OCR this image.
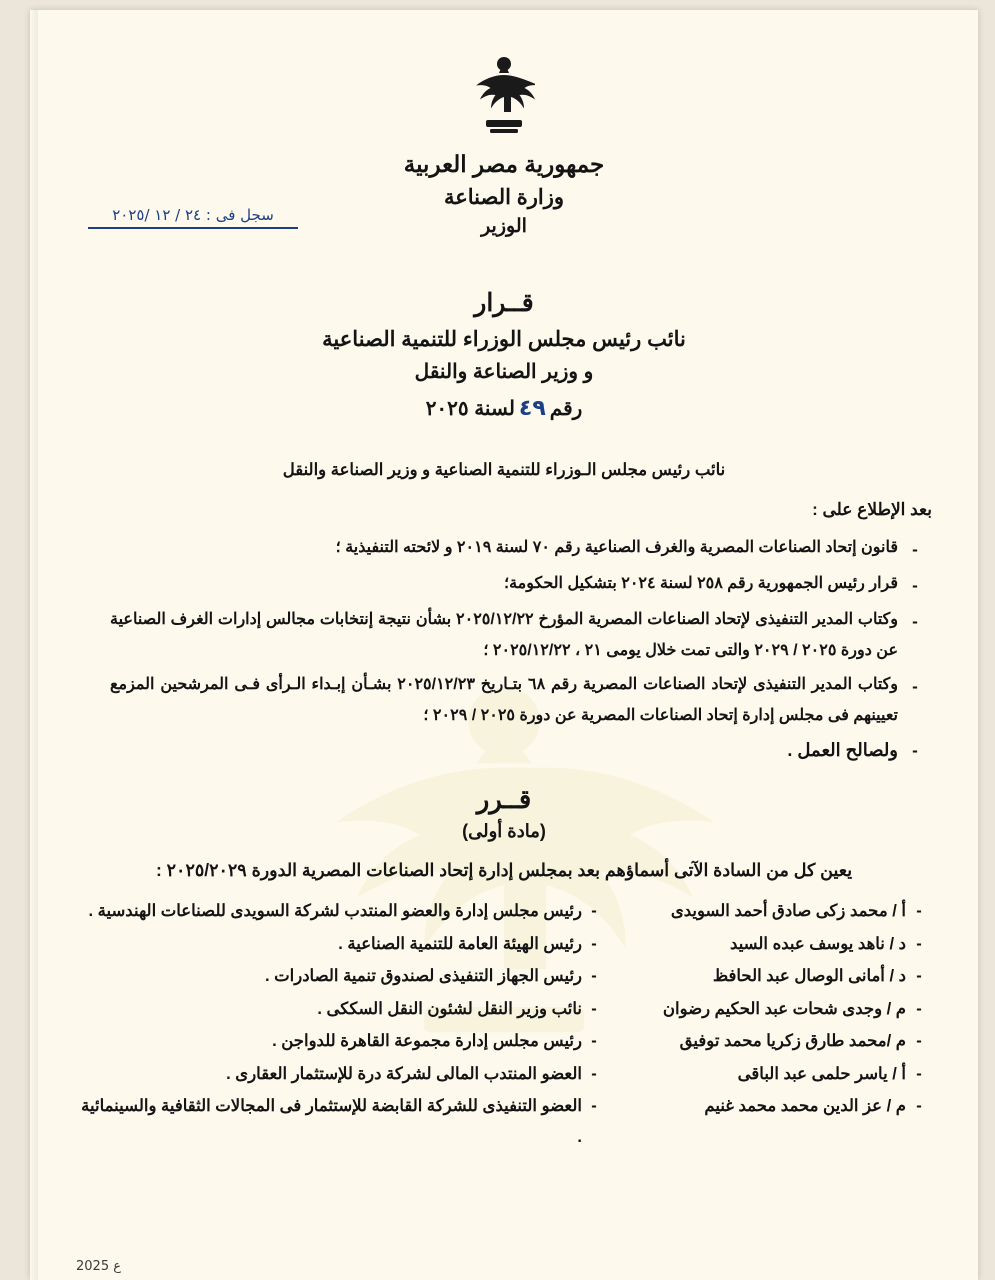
جمهورية مصر العربية
وزارة الصناعة
الوزير
قــرار
نائب رئيس مجلس الوزراء للتنمية الصناعية
و وزير الصناعة والنقل
رقم٤٩لسنة ٢٠٢٥
نائب رئيس مجلس الـوزراء للتنمية الصناعية و وزير الصناعة والنقل
بعد الإطلاع على :
-
قانون إتحاد الصناعات المصرية والغرف الصناعية رقم ٧٠ لسنة ٢٠١٩ و لائحته التنفيذية ؛
-
قرار رئيس الجمهورية رقم ٢٥٨ لسنة ٢٠٢٤ بتشكيل الحكومة؛
-
وكتاب المدير التنفيذى لإتحاد الصناعات المصرية المؤرخ ٢٠٢٥/١٢/٢٢ بشأن نتيجة إنتخابات مجالس إدارات الغرف الصناعية عن دورة ٢٠٢٥ / ٢٠٢٩ والتى تمت خلال يومى ٢١ ، ٢٠٢٥/١٢/٢٢ ؛
-
وكتاب المدير التنفيذى لإتحاد الصناعات المصرية رقم ٦٨ بتـاريخ ٢٠٢٥/١٢/٢٣ بشـأن إبـداء الـرأى فـى المرشحين المزمع تعيينهم فى مجلس إدارة إتحاد الصناعات المصرية عن دورة ٢٠٢٥ / ٢٠٢٩ ؛
-
ولصالح العمل .
قــرر
(مادة أولى)
يعين كل من السادة الآتى أسماؤهم بعد بمجلس إدارة إتحاد الصناعات المصرية الدورة ٢٠٢٥/٢٠٢٩ :
-	أ / محمد زكى صادق أحمد السويدى	-	رئيس مجلس إدارة والعضو المنتدب لشركة السويدى للصناعات الهندسية .
-	د / ناهد يوسف عبده السيد	-	رئيس الهيئة العامة للتنمية الصناعية .
-	د / أمانى الوصال عبد الحافظ	-	رئيس الجهاز التنفيذى لصندوق تنمية الصادرات .
-	م / وجدى شحات عبد الحكيم رضوان	-	نائب وزير النقل لشئون النقل السككى .
-	م /محمد طارق زكريا محمد توفيق	-	رئيس مجلس إدارة مجموعة القاهرة للدواجن .
-	أ / ياسر حلمى عبد الباقى	-	العضو المنتدب المالى لشركة درة للإستثمار العقارى .
-	م / عز الدين محمد محمد غنيم	-	العضو التنفيذى للشركة القابضة للإستثمار فى المجالات الثقافية والسينمائية .
سجل فى : ٢٤ / ١٢ /٢٠٢٥
ع 2025
